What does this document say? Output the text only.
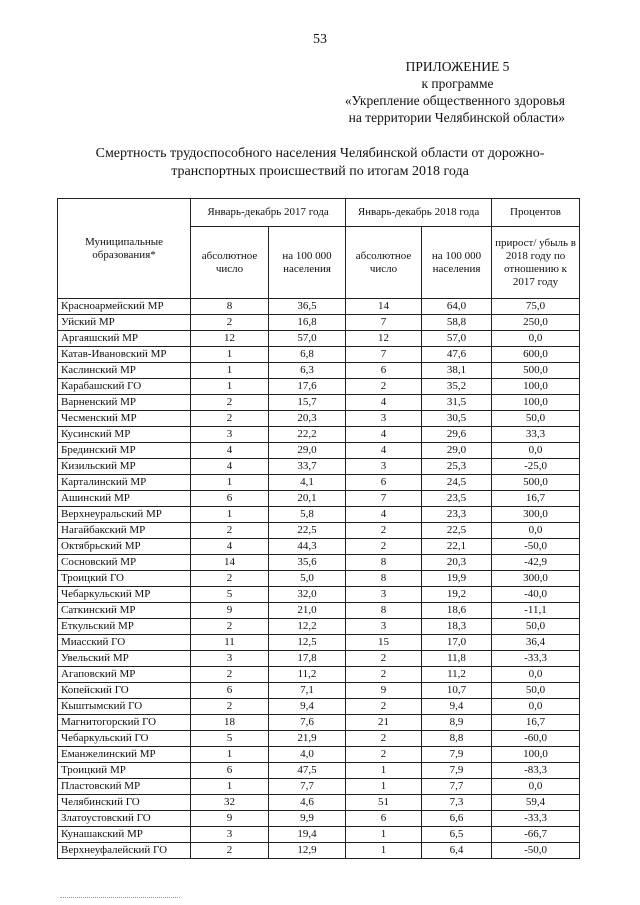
53
ПРИЛОЖЕНИЕ 5
к программе
«Укрепление общественного здоровья
на территории Челябинской области»
Смертность трудоспособного населения Челябинской области от дорожно-
транспортных происшествий по итогам 2018 года
Муниципальные образования*	Январь-декабрь 2017 года		Январь-декабрь 2018 года		Процентов
	абсолютное число	на 100 000 населения	абсолютное число	на 100 000 населения	прирост/ убыль в 2018 году по отношению к 2017 году
Красноармейский МР	8	36,5	14	64,0	75,0
Уйский МР	2	16,8	7	58,8	250,0
Аргаяшский МР	12	57,0	12	57,0	0,0
Катав-Ивановский МР	1	6,8	7	47,6	600,0
Каслинский МР	1	6,3	6	38,1	500,0
Карабашский ГО	1	17,6	2	35,2	100,0
Варненский МР	2	15,7	4	31,5	100,0
Чесменский МР	2	20,3	3	30,5	50,0
Кусинский МР	3	22,2	4	29,6	33,3
Брединский МР	4	29,0	4	29,0	0,0
Кизильский МР	4	33,7	3	25,3	-25,0
Карталинский МР	1	4,1	6	24,5	500,0
Ашинский МР	6	20,1	7	23,5	16,7
Верхнеуральский МР	1	5,8	4	23,3	300,0
Нагайбакский МР	2	22,5	2	22,5	0,0
Октябрьский МР	4	44,3	2	22,1	-50,0
Сосновский МР	14	35,6	8	20,3	-42,9
Троицкий ГО	2	5,0	8	19,9	300,0
Чебаркульский МР	5	32,0	3	19,2	-40,0
Саткинский МР	9	21,0	8	18,6	-11,1
Еткульский МР	2	12,2	3	18,3	50,0
Миасский ГО	11	12,5	15	17,0	36,4
Увельский МР	3	17,8	2	11,8	-33,3
Агаповский МР	2	11,2	2	11,2	0,0
Копейский ГО	6	7,1	9	10,7	50,0
Кыштымский ГО	2	9,4	2	9,4	0,0
Магнитогорский ГО	18	7,6	21	8,9	16,7
Чебаркульский ГО	5	21,9	2	8,8	-60,0
Еманжелинский МР	1	4,0	2	7,9	100,0
Троицкий МР	6	47,5	1	7,9	-83,3
Пластовский МР	1	7,7	1	7,7	0,0
Челябинский ГО	32	4,6	51	7,3	59,4
Златоустовский ГО	9	9,9	6	6,6	-33,3
Кунашакский МР	3	19,4	1	6,5	-66,7
Верхнеуфалейский ГО	2	12,9	1	6,4	-50,0
